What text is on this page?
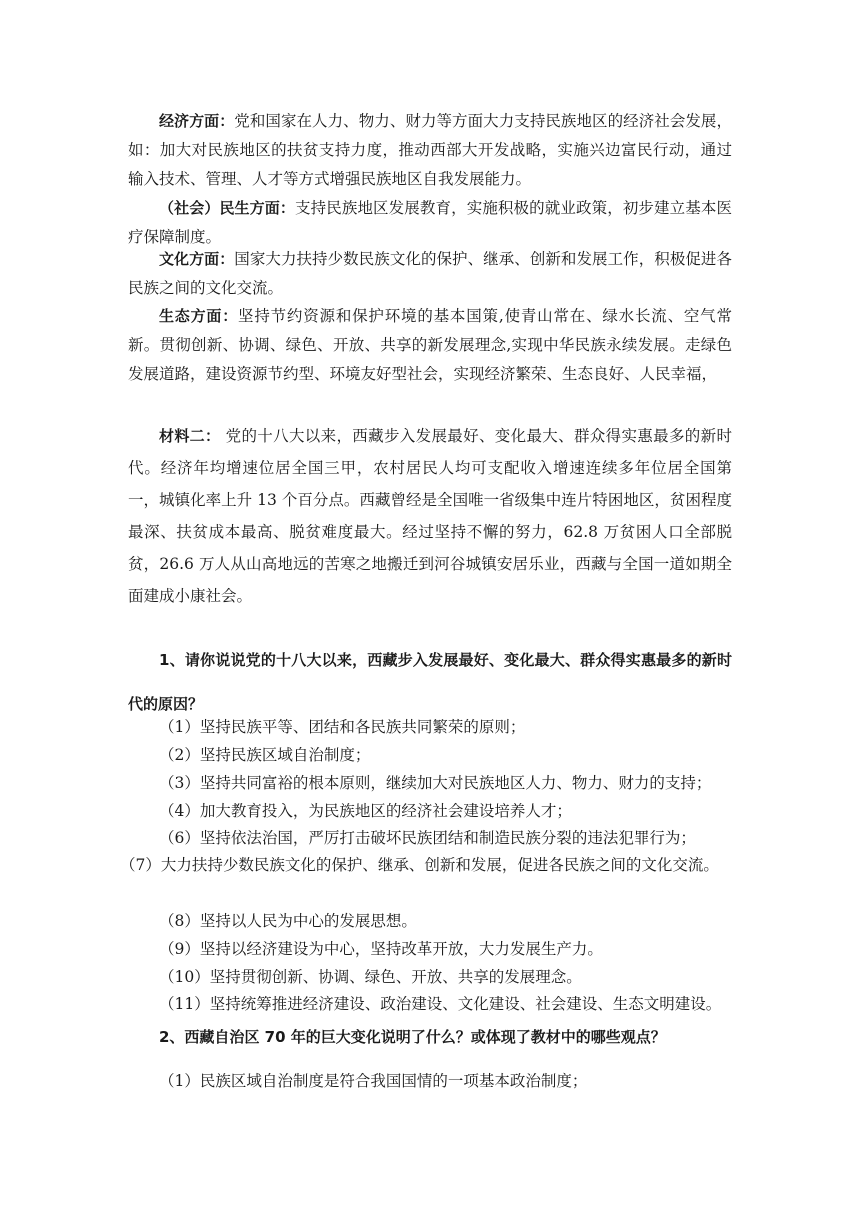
经济方面：党和国家在人力、物力、财力等方面大力支持民族地区的经济社会发展，如：加大对民族地区的扶贫支持力度，推动西部大开发战略，实施兴边富民行动，通过输入技术、管理、人才等方式增强民族地区自我发展能力。

（社会）民生方面：支持民族地区发展教育，实施积极的就业政策，初步建立基本医疗保障制度。

文化方面：国家大力扶持少数民族文化的保护、继承、创新和发展工作，积极促进各民族之间的文化交流。

生态方面：坚持节约资源和保护环境的基本国策,使青山常在、绿水长流、空气常新。贯彻创新、协调、绿色、开放、共享的新发展理念,实现中华民族永续发展。走绿色发展道路，建设资源节约型、环境友好型社会，实现经济繁荣、生态良好、人民幸福，

材料二： 党的十八大以来，西藏步入发展最好、变化最大、群众得实惠最多的新时代。经济年均增速位居全国三甲，农村居民人均可支配收入增速连续多年位居全国第一，城镇化率上升 13 个百分点。西藏曾经是全国唯一省级集中连片特困地区，贫困程度最深、扶贫成本最高、脱贫难度最大。经过坚持不懈的努力，62.8 万贫困人口全部脱贫，26.6 万人从山高地远的苦寒之地搬迁到河谷城镇安居乐业，西藏与全国一道如期全面建成小康社会。

1、请你说说党的十八大以来，西藏步入发展最好、变化最大、群众得实惠最多的新时代的原因？

（1）坚持民族平等、团结和各民族共同繁荣的原则；

（2）坚持民族区域自治制度；

（3）坚持共同富裕的根本原则，继续加大对民族地区人力、物力、财力的支持；

（4）加大教育投入，为民族地区的经济社会建设培养人才；

（6）坚持依法治国，严厉打击破坏民族团结和制造民族分裂的违法犯罪行为；

（7）大力扶持少数民族文化的保护、继承、创新和发展，促进各民族之间的文化交流。

（8）坚持以人民为中心的发展思想。

（9）坚持以经济建设为中心，坚持改革开放，大力发展生产力。

（10）坚持贯彻创新、协调、绿色、开放、共享的发展理念。

（11）坚持统筹推进经济建设、政治建设、文化建设、社会建设、生态文明建设。

2、西藏自治区 70 年的巨大变化说明了什么？或体现了教材中的哪些观点？

（1）民族区域自治制度是符合我国国情的一项基本政治制度；
